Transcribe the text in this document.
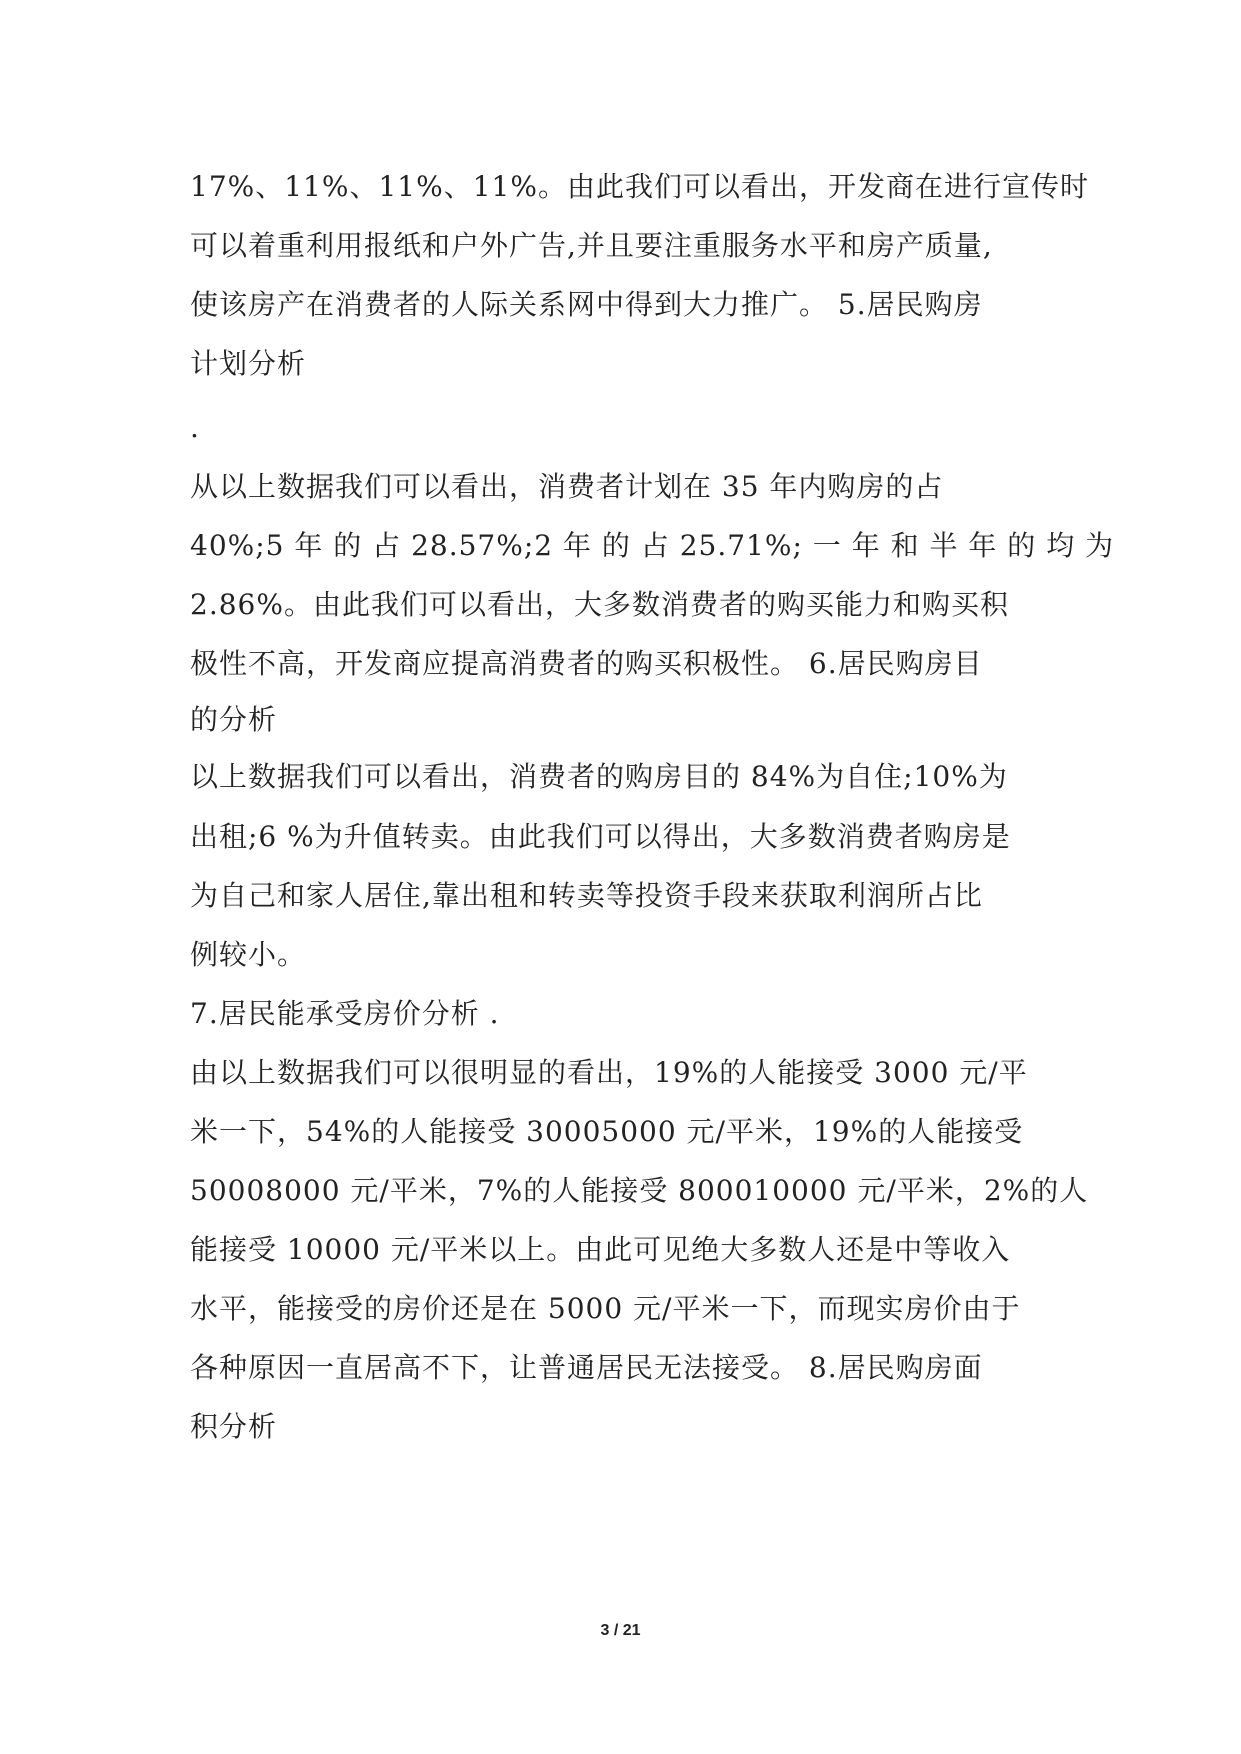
17%、11%、11%、11%。由此我们可以看出，开发商在进行宣传时
可以着重利用报纸和户外广告,并且要注重服务水平和房产质量,
使该房产在消费者的人际关系网中得到大力推广。 5.居民购房
计划分析
.
从以上数据我们可以看出，消费者计划在 35 年内购房的占
40%;5 年 的 占 28.57%;2 年 的 占 25.71%; 一 年 和 半 年 的 均 为
2.86%。由此我们可以看出，大多数消费者的购买能力和购买积
极性不高，开发商应提高消费者的购买积极性。 6.居民购房目
的分析
以上数据我们可以看出，消费者的购房目的 84%为自住;10%为
出租;6 %为升值转卖。由此我们可以得出，大多数消费者购房是
为自己和家人居住,靠出租和转卖等投资手段来获取利润所占比
例较小。
7.居民能承受房价分析 .
由以上数据我们可以很明显的看出，19%的人能接受 3000 元/平
米一下，54%的人能接受 30005000 元/平米，19%的人能接受
50008000 元/平米，7%的人能接受 800010000 元/平米，2%的人
能接受 10000 元/平米以上。由此可见绝大多数人还是中等收入
水平，能接受的房价还是在 5000 元/平米一下，而现实房价由于
各种原因一直居高不下，让普通居民无法接受。 8.居民购房面
积分析
3 / 21
